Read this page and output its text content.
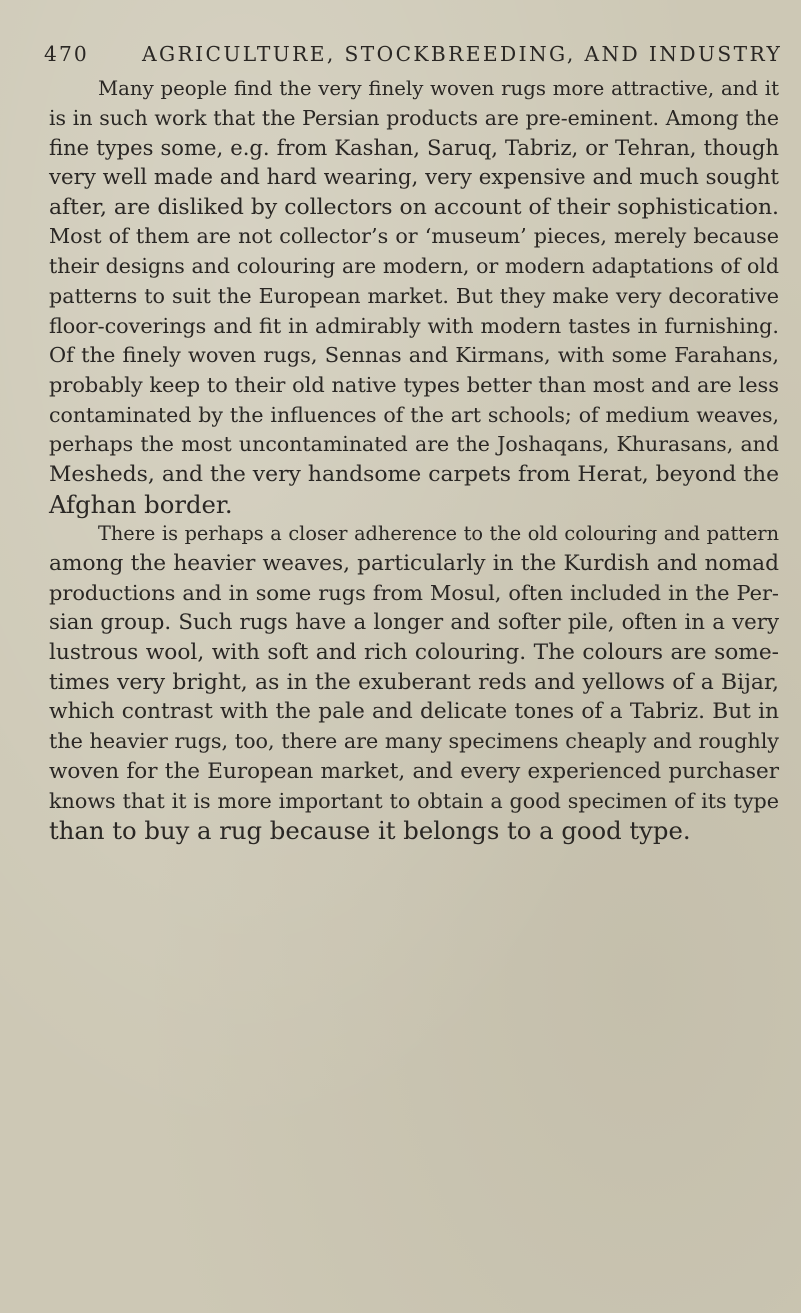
470	AGRICULTURE, STOCKBREEDING, AND INDUSTRY
Many people find the very finely woven rugs more attractive, and it
is in such work that the Persian products are pre-eminent. Among the
fine types some, e.g. from Kashan, Saruq, Tabriz, or Tehran, though
very well made and hard wearing, very expensive and much sought
after, are disliked by collectors on account of their sophistication.
Most of them are not collector’s or ‘museum’ pieces, merely because
their designs and colouring are modern, or modern adaptations of old
patterns to suit the European market. But they make very decorative
floor-coverings and fit in admirably with modern tastes in furnishing.
Of the finely woven rugs, Sennas and Kirmans, with some Farahans,
probably keep to their old native types better than most and are less
contaminated by the influences of the art schools; of medium weaves,
perhaps the most uncontaminated are the Joshaqans, Khurasans, and
Mesheds, and the very handsome carpets from Herat, beyond the
Afghan border.
There is perhaps a closer adherence to the old colouring and pattern
among the heavier weaves, particularly in the Kurdish and nomad
productions and in some rugs from Mosul, often included in the Per-
sian group. Such rugs have a longer and softer pile, often in a very
lustrous wool, with soft and rich colouring. The colours are some-
times very bright, as in the exuberant reds and yellows of a Bijar,
which contrast with the pale and delicate tones of a Tabriz. But in
the heavier rugs, too, there are many specimens cheaply and roughly
woven for the European market, and every experienced purchaser
knows that it is more important to obtain a good specimen of its type
than to buy a rug because it belongs to a good type.
